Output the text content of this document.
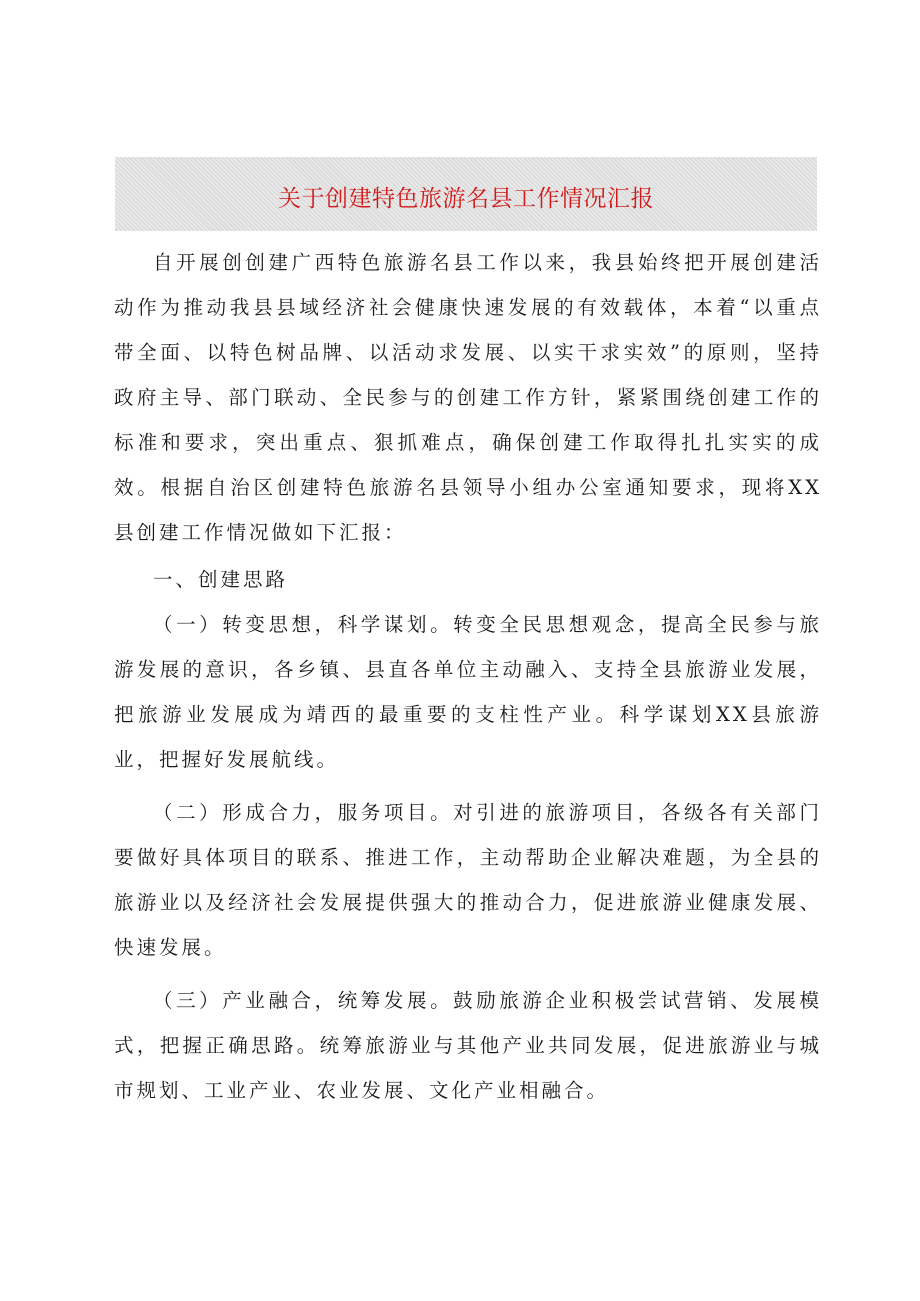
关于创建特色旅游名县工作情况汇报

自开展创创建广西特色旅游名县工作以来，我县始终把开展创建活动作为推动我县县域经济社会健康快速发展的有效载体，本着“以重点带全面、以特色树品牌、以活动求发展、以实干求实效”的原则，坚持政府主导、部门联动、全民参与的创建工作方针，紧紧围绕创建工作的标准和要求，突出重点、狠抓难点，确保创建工作取得扎扎实实的成效。根据自治区创建特色旅游名县领导小组办公室通知要求，现将XX县创建工作情况做如下汇报：

一、创建思路

（一）转变思想，科学谋划。转变全民思想观念，提高全民参与旅游发展的意识，各乡镇、县直各单位主动融入、支持全县旅游业发展，把旅游业发展成为靖西的最重要的支柱性产业。科学谋划XX县旅游业，把握好发展航线。

（二）形成合力，服务项目。对引进的旅游项目，各级各有关部门要做好具体项目的联系、推进工作，主动帮助企业解决难题，为全县的旅游业以及经济社会发展提供强大的推动合力，促进旅游业健康发展、快速发展。

（三）产业融合，统筹发展。鼓励旅游企业积极尝试营销、发展模式，把握正确思路。统筹旅游业与其他产业共同发展，促进旅游业与城市规划、工业产业、农业发展、文化产业相融合。
